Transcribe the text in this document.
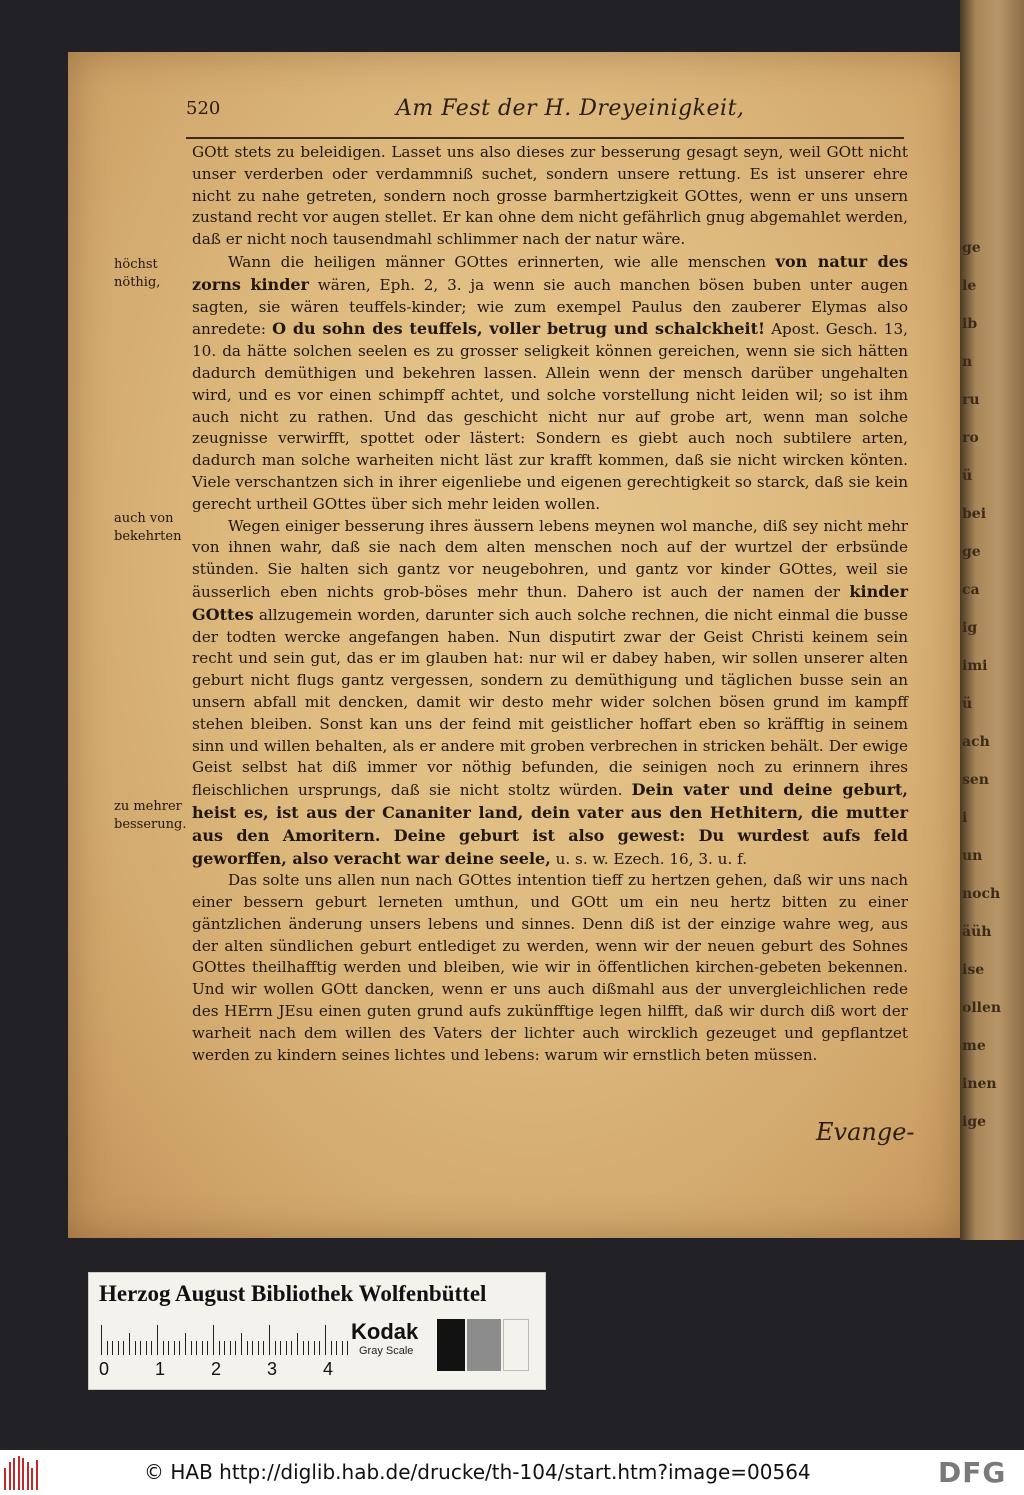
ge
le
ib
n
ru
ro
ü
bei
ge
ca
ig
imi
ü
ach
sen
i
un
noch
äüh
ise
ollen
me
inen
ige
520	Am Fest der H. Dreyeinigkeit,

GOtt stets zu beleidigen. Lasset uns also dieses zur besserung gesagt seyn, weil GOtt nicht unser verderben oder verdammniß suchet, sondern unsere rettung. Es ist unserer ehre nicht zu nahe getreten, sondern noch grosse barmhertzigkeit GOttes, wenn er uns unsern zustand recht vor augen stellet. Er kan ohne dem nicht gefährlich gnug abgemahlet werden, daß er nicht noch tausendmahl schlimmer nach der natur wäre.

Wann die heiligen männer GOttes erinnerten, wie alle menschen von natur des zorns kinder wären, Eph. 2, 3. ja wenn sie auch manchen bösen buben unter augen sagten, sie wären teuffels-kinder; wie zum exempel Paulus den zauberer Elymas also anredete: O du sohn des teuffels, voller betrug und schalckheit! Apost. Gesch. 13, 10. da hätte solchen seelen es zu grosser seligkeit können gereichen, wenn sie sich hätten dadurch demüthigen und bekehren lassen. Allein wenn der mensch darüber ungehalten wird, und es vor einen schimpff achtet, und solche vorstellung nicht leiden wil; so ist ihm auch nicht zu rathen. Und das geschicht nicht nur auf grobe art, wenn man solche zeugnisse verwirfft, spottet oder lästert: Sondern es giebt auch noch subtilere arten, dadurch man solche warheiten nicht läst zur krafft kommen, daß sie nicht wircken könten. Viele verschantzen sich in ihrer eigenliebe und eigenen gerechtigkeit so starck, daß sie kein gerecht urtheil GOttes über sich mehr leiden wollen.

Wegen einiger besserung ihres äussern lebens meynen wol manche, diß sey nicht mehr von ihnen wahr, daß sie nach dem alten menschen noch auf der wurtzel der erbsünde stünden. Sie halten sich gantz vor neugebohren, und gantz vor kinder GOttes, weil sie äusserlich eben nichts grob-böses mehr thun. Dahero ist auch der namen der kinder GOttes allzugemein worden, darunter sich auch solche rechnen, die nicht einmal die busse der todten wercke angefangen haben. Nun disputirt zwar der Geist Christi keinem sein recht und sein gut, das er im glauben hat: nur wil er dabey haben, wir sollen unserer alten geburt nicht flugs gantz vergessen, sondern zu demüthigung und täglichen busse sein an unsern abfall mit dencken, damit wir desto mehr wider solchen bösen grund im kampff stehen bleiben. Sonst kan uns der feind mit geistlicher hoffart eben so kräfftig in seinem sinn und willen behalten, als er andere mit groben verbrechen in stricken behält. Der ewige Geist selbst hat diß immer vor nöthig befunden, die seinigen noch zu erinnern ihres fleischlichen ursprungs, daß sie nicht stoltz würden. Dein vater und deine geburt, heist es, ist aus der Cananiter land, dein vater aus den Hethitern, die mutter aus den Amoritern. Deine geburt ist also gewest: Du wurdest aufs feld geworffen, also veracht war deine seele, u. s. w. Ezech. 16, 3. u. f.

Das solte uns allen nun nach GOttes intention tieff zu hertzen gehen, daß wir uns nach einer bessern geburt lerneten umthun, und GOtt um ein neu hertz bitten zu einer gäntzlichen änderung unsers lebens und sinnes. Denn diß ist der einzige wahre weg, aus der alten sündlichen geburt entlediget zu werden, wenn wir der neuen geburt des Sohnes GOttes theilhafftig werden und bleiben, wie wir in öffentlichen kirchen-gebeten bekennen. Und wir wollen GOtt dancken, wenn er uns auch dißmahl aus der unvergleichlichen rede des HErrn JEsu einen guten grund aufs zukünfftige legen hilfft, daß wir durch diß wort der warheit nach dem willen des Vaters der lichter auch wircklich gezeuget und gepflantzet werden zu kindern seines lichtes und lebens: warum wir ernstlich beten müssen.

höchst nöthig,
auch von bekehrten
zu mehrer besserung.
Evange-
Herzog August Bibliothek Wolfenbüttel
0	1	2	3	4
Kodak
Gray Scale
© HAB http://diglib.hab.de/drucke/th-104/start.htm?image=00564	DFG
